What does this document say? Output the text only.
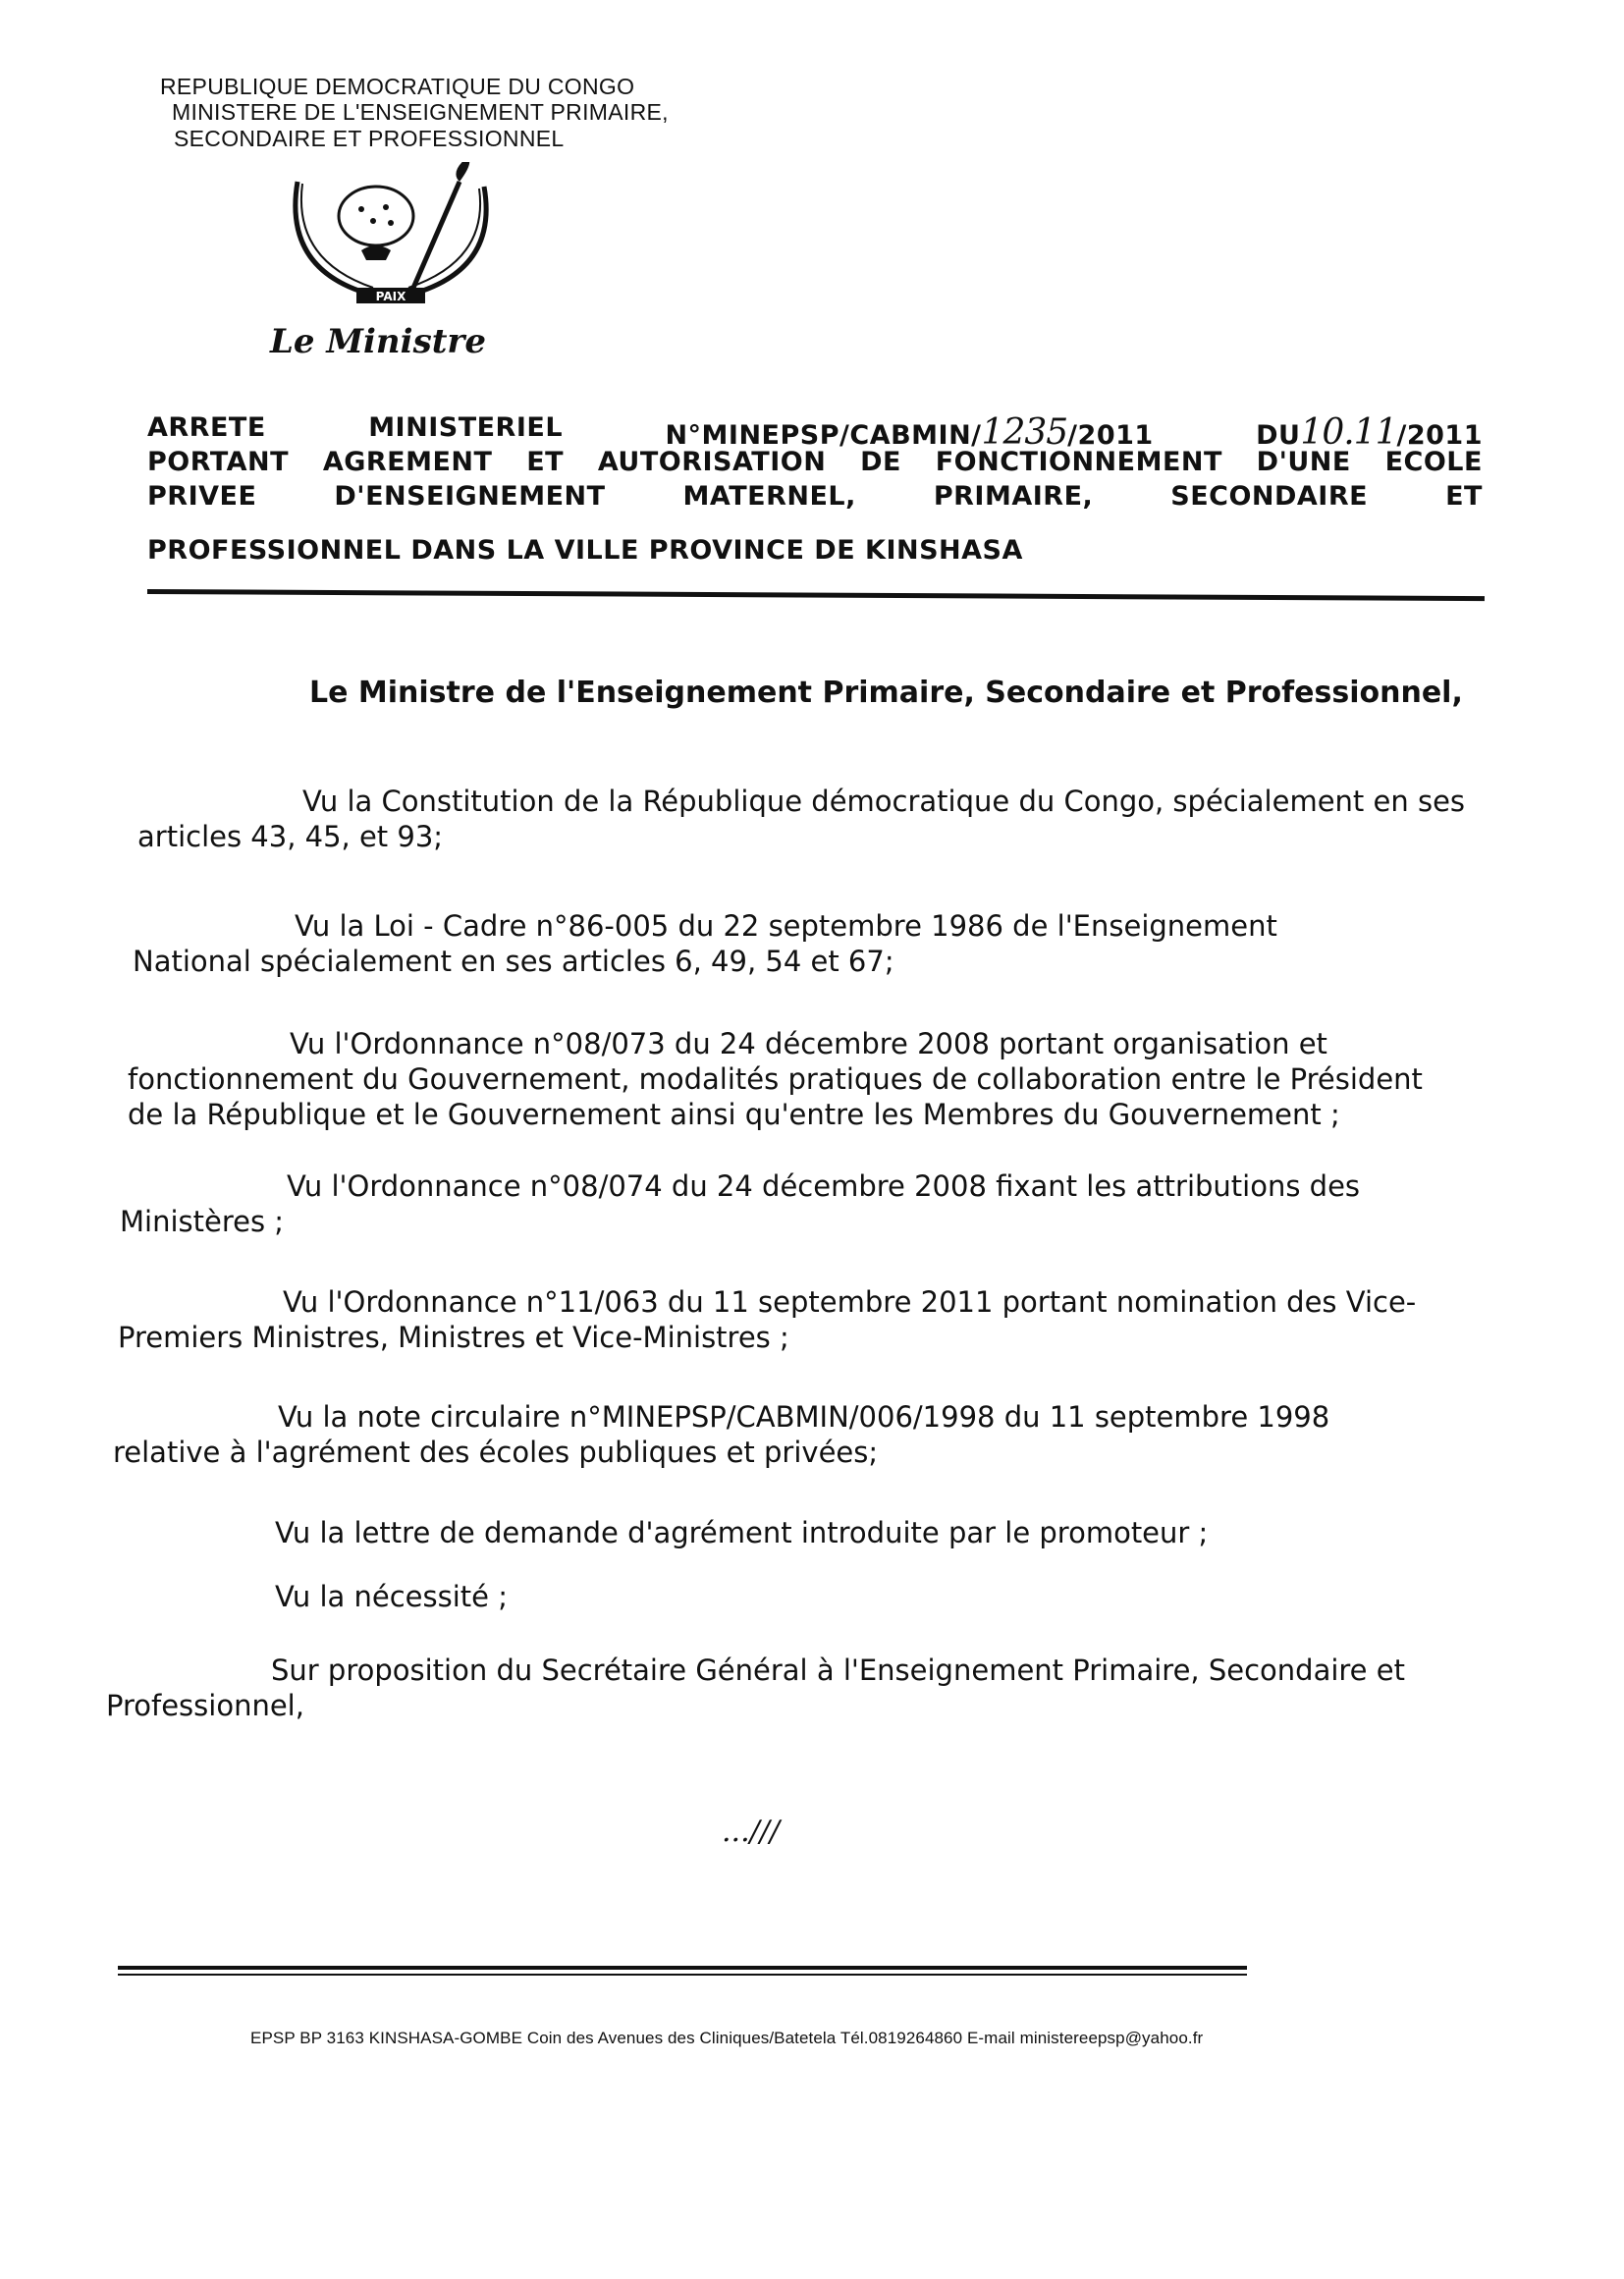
REPUBLIQUE DEMOCRATIQUE DU CONGO
MINISTERE DE L'ENSEIGNEMENT PRIMAIRE,
SECONDAIRE ET PROFESSIONNEL
PAIX
Le Ministre
ARRETE	MINISTERIEL	N°MINEPSP/CABMIN/1235/2011	DU10.11/2011
PORTANT AGREMENT ET AUTORISATION DE FONCTIONNEMENT D'UNE ECOLE
PRIVEE	D'ENSEIGNEMENT	MATERNEL,	PRIMAIRE,	SECONDAIRE	ET
PROFESSIONNEL DANS LA VILLE PROVINCE DE KINSHASA
Le Ministre de l'Enseignement Primaire, Secondaire et Professionnel,
Vu la Constitution de la République démocratique du Congo, spécialement en ses
articles 43, 45, et 93;
Vu la Loi - Cadre n°86-005 du 22 septembre 1986 de l'Enseignement
National spécialement en ses articles 6, 49, 54 et 67;
Vu l'Ordonnance n°08/073 du 24 décembre 2008 portant organisation et
fonctionnement du Gouvernement, modalités pratiques de collaboration entre le Président
de la République et le Gouvernement ainsi qu'entre les Membres du Gouvernement ;
Vu l'Ordonnance n°08/074 du 24 décembre 2008 fixant les attributions des
Ministères ;
Vu l'Ordonnance n°11/063 du 11 septembre 2011 portant nomination des Vice-
Premiers Ministres, Ministres et Vice-Ministres ;
Vu la note circulaire n°MINEPSP/CABMIN/006/1998 du 11 septembre 1998
relative à l'agrément des écoles publiques et privées;
Vu la lettre de demande d'agrément introduite par le promoteur ;
Vu la nécessité ;
Sur proposition du Secrétaire Général à l'Enseignement Primaire, Secondaire et
Professionnel,
...///
EPSP BP 3163 KINSHASA-GOMBE Coin des Avenues des Cliniques/Batetela Tél.0819264860 E-mail ministereepsp@yahoo.fr
